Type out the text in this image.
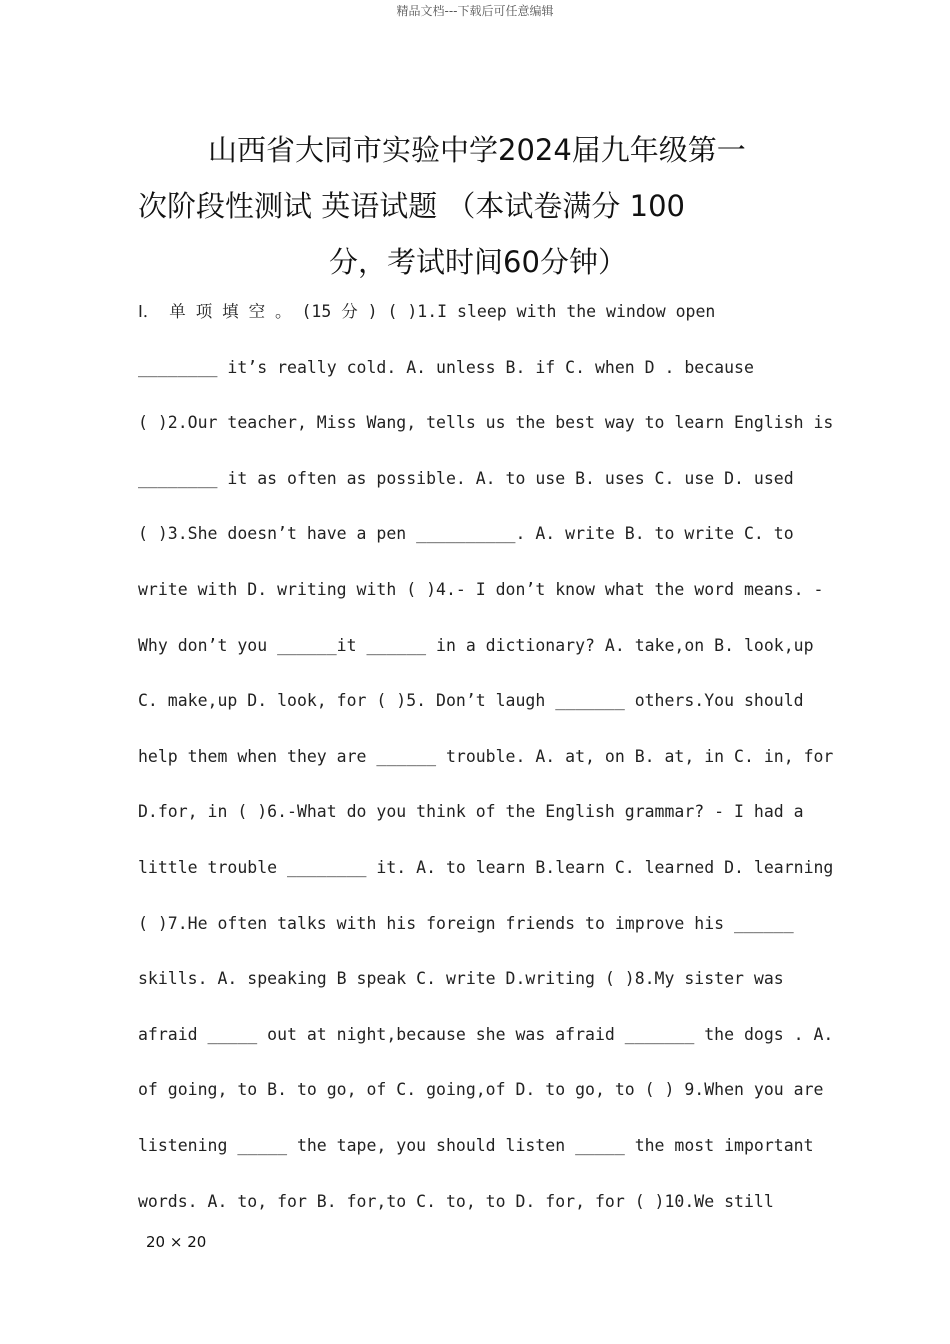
精品文档---下载后可任意编辑
山西省大同市实验中学2024届九年级第一
次阶段性测试 英语试题 （本试卷满分 100
分，考试时间60分钟）
Ⅰ． 单 项 填 空 。 (15 分 ) ( )1.I sleep with the window open
________ it’s really cold. A. unless B. if C. when D . because
( )2.Our teacher, Miss Wang, tells us the best way to learn English is
________ it as often as possible. A. to use B. uses C. use D. used
( )3.She doesn’t have a pen __________. A. write B. to write C. to
write with D. writing with ( )4.- I don’t know what the word means. -
Why don’t you ______it ______ in a dictionary? A. take,on B. look,up
C. make,up D. look, for ( )5. Don’t laugh _______ others.You should
help them when they are ______ trouble. A. at, on B. at, in C. in, for
D.for, in ( )6.-What do you think of the English grammar? - I had a
little trouble ________ it. A. to learn B.learn C. learned D. learning
( )7.He often talks with his foreign friends to improve his ______
skills. A. speaking B speak C. write D.writing ( )8.My sister was
afraid _____ out at night,because she was afraid _______ the dogs . A.
of going, to B. to go, of C. going,of D. to go, to ( ) 9.When you are
listening _____ the tape, you should listen _____ the most important
words. A. to, for B. for,to C. to, to D. for, for ( )10.We still
20 × 20
